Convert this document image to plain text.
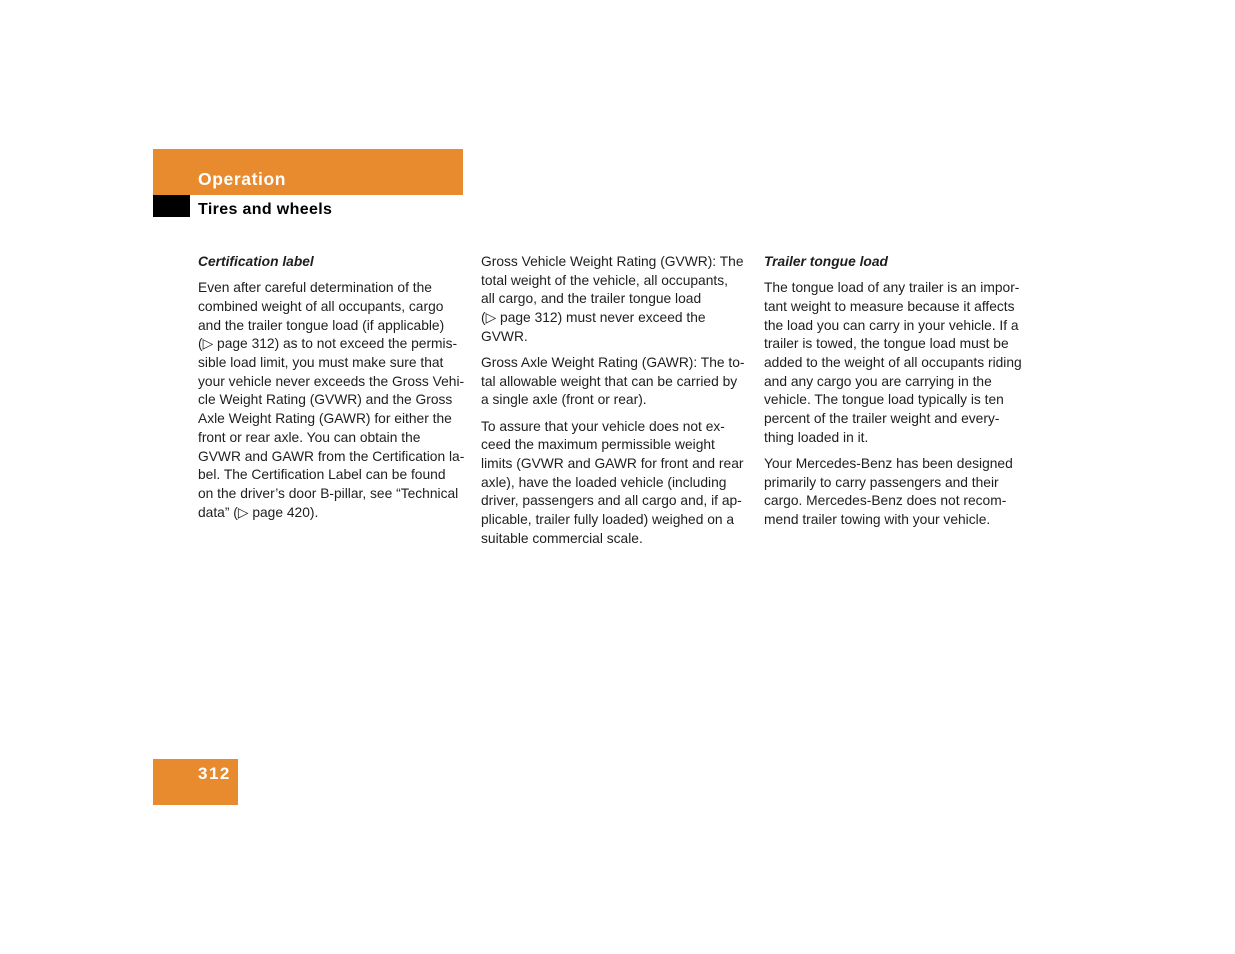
Operation
Tires and wheels
Certification label

Even after careful determination of the
combined weight of all occupants, cargo
and the trailer tongue load (if applicable)
(▷ page 312) as to not exceed the permis-
sible load limit, you must make sure that
your vehicle never exceeds the Gross Vehi-
cle Weight Rating (GVWR) and the Gross
Axle Weight Rating (GAWR) for either the
front or rear axle. You can obtain the
GVWR and GAWR from the Certification la-
bel. The Certification Label can be found
on the driver’s door B-pillar, see “Technical
data” (▷ page 420).

Gross Vehicle Weight Rating (GVWR): The
total weight of the vehicle, all occupants,
all cargo, and the trailer tongue load
(▷ page 312) must never exceed the
GVWR.

Gross Axle Weight Rating (GAWR): The to-
tal allowable weight that can be carried by
a single axle (front or rear).

To assure that your vehicle does not ex-
ceed the maximum permissible weight
limits (GVWR and GAWR for front and rear
axle), have the loaded vehicle (including
driver, passengers and all cargo and, if ap-
plicable, trailer fully loaded) weighed on a
suitable commercial scale.

Trailer tongue load

The tongue load of any trailer is an impor-
tant weight to measure because it affects
the load you can carry in your vehicle. If a
trailer is towed, the tongue load must be
added to the weight of all occupants riding
and any cargo you are carrying in the
vehicle. The tongue load typically is ten
percent of the trailer weight and every-
thing loaded in it.

Your Mercedes-Benz has been designed
primarily to carry passengers and their
cargo. Mercedes-Benz does not recom-
mend trailer towing with your vehicle.

312
